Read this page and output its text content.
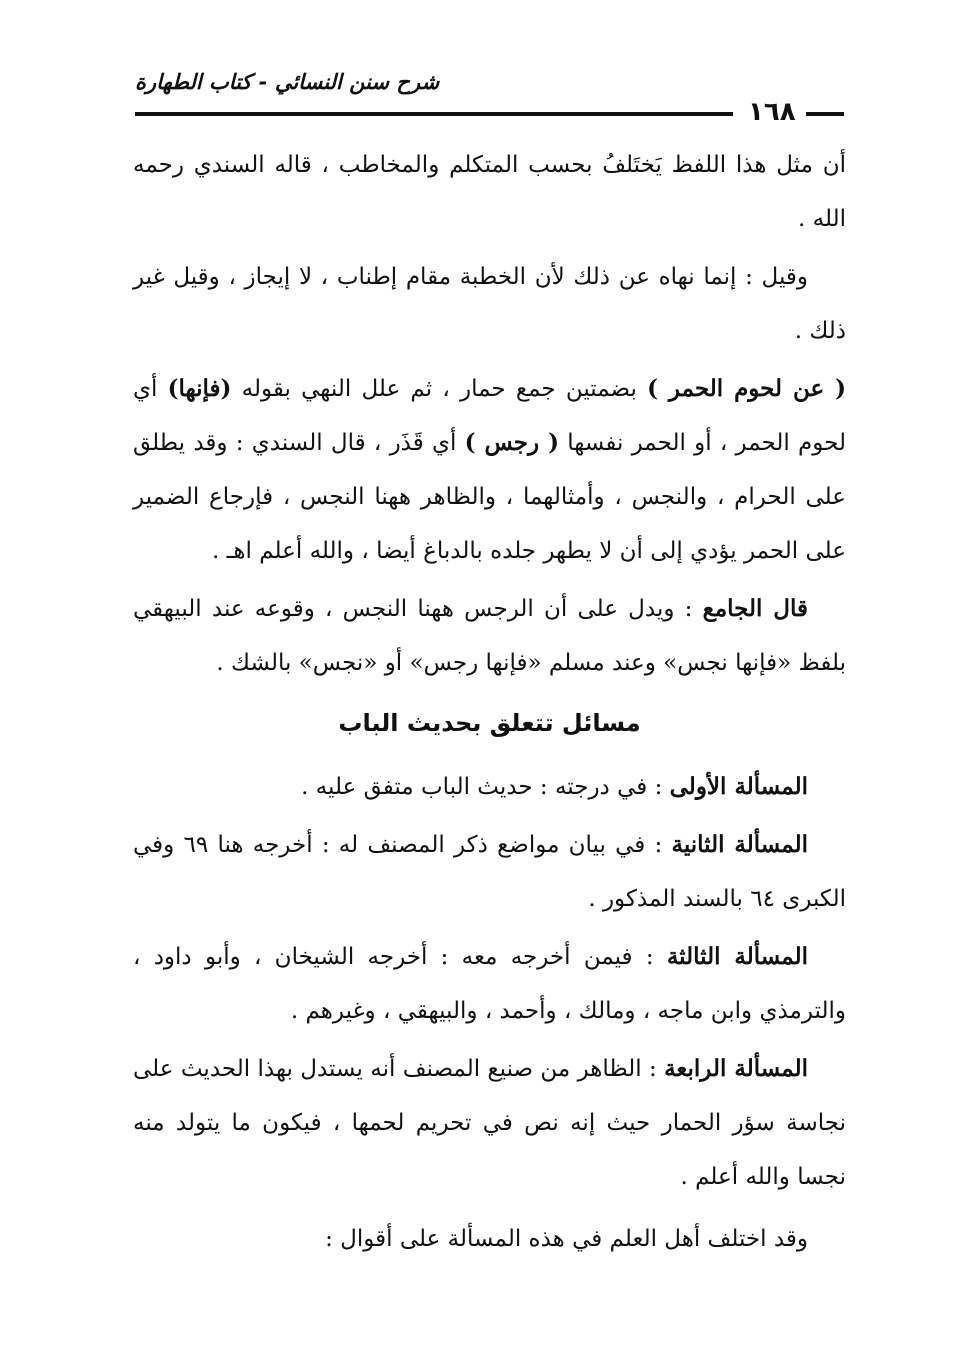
شرح سنن النسائي - كتاب الطهارة
١٦٨

أن مثل هذا اللفظ يَختَلفُ بحسب المتكلم والمخاطب ، قاله السندي رحمه الله .

وقيل : إنما نهاه عن ذلك لأن الخطبة مقام إطناب ، لا إيجاز ، وقيل غير ذلك .

( عن لحوم الحمر ) بضمتين جمع حمار ، ثم علل النهي بقوله (فإنها) أي لحوم الحمر ، أو الحمر نفسها ( رجس ) أي قَذَر ، قال السندي : وقد يطلق على الحرام ، والنجس ، وأمثالهما ، والظاهر ههنا النجس ، فإرجاع الضمير على الحمر يؤدي إلى أن لا يطهر جلده بالدباغ أيضا ، والله أعلم اهـ .

قال الجامع : ويدل على أن الرجس ههنا النجس ، وقوعه عند البيهقي بلفظ «فإنها نجس» وعند مسلم «فإنها رجس» أو «نجس» بالشك .

مسائل تتعلق بحديث الباب

المسألة الأولى : في درجته : حديث الباب متفق عليه .

المسألة الثانية : في بيان مواضع ذكر المصنف له : أخرجه هنا ٦٩ وفي الكبرى ٦٤ بالسند المذكور .

المسألة الثالثة : فيمن أخرجه معه : أخرجه الشيخان ، وأبو داود ، والترمذي وابن ماجه ، ومالك ، وأحمد ، والبيهقي ، وغيرهم .

المسألة الرابعة : الظاهر من صنيع المصنف أنه يستدل بهذا الحديث على نجاسة سؤر الحمار حيث إنه نص في تحريم لحمها ، فيكون ما يتولد منه نجسا والله أعلم .

وقد اختلف أهل العلم في هذه المسألة على أقوال :
